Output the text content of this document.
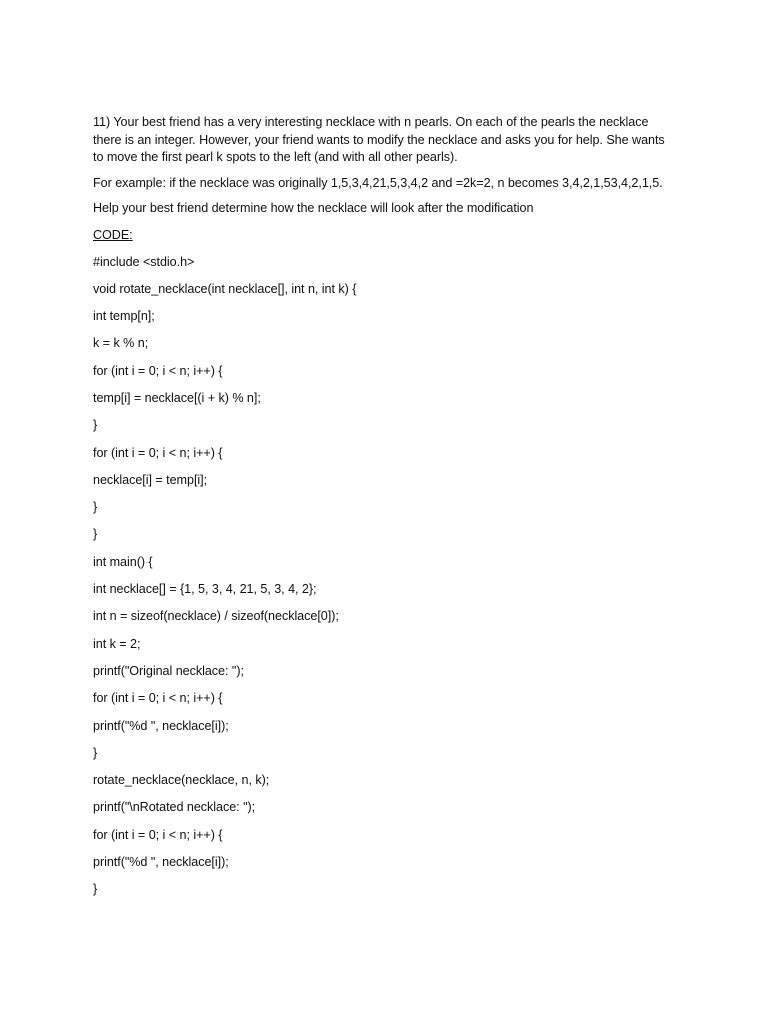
11) Your best friend has a very interesting necklace with n pearls. On each of the pearls the necklace there is an integer. However, your friend wants to modify the necklace and asks you for help. She wants to move the first pearl k spots to the left (and with all other pearls).

For example: if the necklace was originally 1,5,3,4,21,5,3,4,2 and =2k=2, n becomes 3,4,2,1,53,4,2,1,5.

Help your best friend determine how the necklace will look after the modification

CODE:

#include <stdio.h>

void rotate_necklace(int necklace[], int n, int k) {

int temp[n];

k = k % n;

for (int i = 0; i < n; i++) {

temp[i] = necklace[(i + k) % n];

}

for (int i = 0; i < n; i++) {

necklace[i] = temp[i];

}

}

int main() {

int necklace[] = {1, 5, 3, 4, 21, 5, 3, 4, 2};

int n = sizeof(necklace) / sizeof(necklace[0]);

int k = 2;

printf("Original necklace: ");

for (int i = 0; i < n; i++) {

printf("%d ", necklace[i]);

}

rotate_necklace(necklace, n, k);

printf("\nRotated necklace: ");

for (int i = 0; i < n; i++) {

printf("%d ", necklace[i]);

}
